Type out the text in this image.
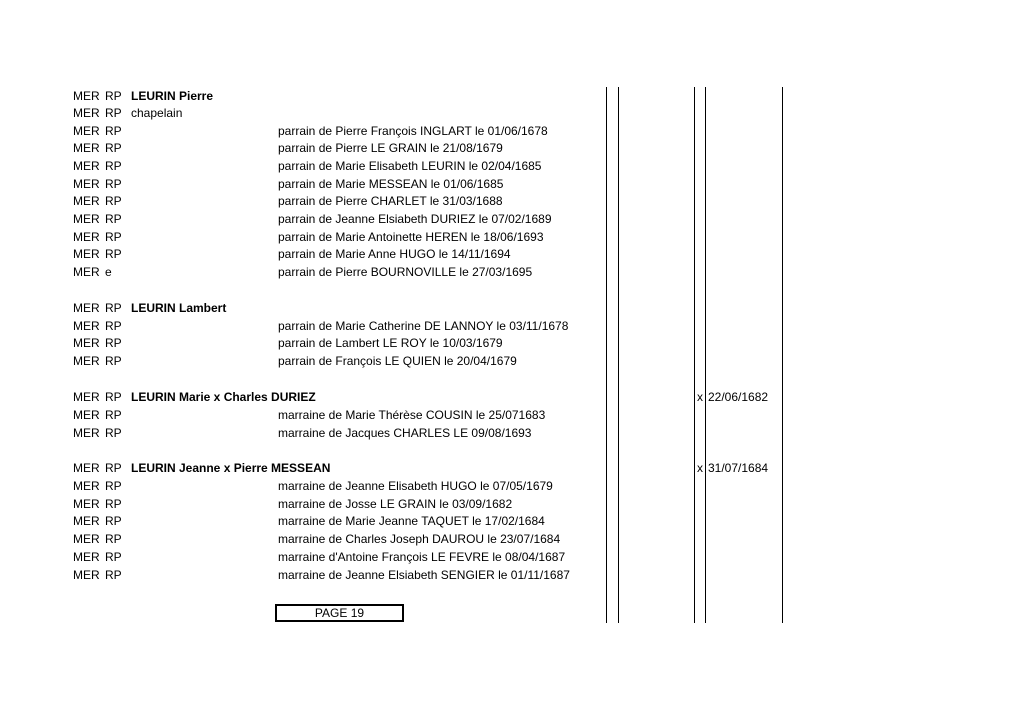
MER RP LEURIN Pierre
MER RP chapelain
MER RP	parrain de Pierre François INGLART le 01/06/1678
MER RP	parrain de Pierre LE GRAIN le 21/08/1679
MER RP	parrain de Marie Elisabeth LEURIN le 02/04/1685
MER RP	parrain de Marie MESSEAN le 01/06/1685
MER RP	parrain de Pierre CHARLET le 31/03/1688
MER RP	parrain de Jeanne Elsiabeth DURIEZ le 07/02/1689
MER RP	parrain de Marie Antoinette HEREN le 18/06/1693
MER RP	parrain de Marie Anne HUGO le 14/11/1694
MER e	parrain de Pierre BOURNOVILLE le 27/03/1695
MER RP LEURIN Lambert
MER RP	parrain de Marie Catherine DE LANNOY le 03/11/1678
MER RP	parrain de Lambert LE ROY le 10/03/1679
MER RP	parrain de François LE QUIEN le 20/04/1679
MER RP LEURIN Marie x Charles DURIEZ	x 22/06/1682
MER RP	marraine de Marie Thérèse COUSIN le 25/071683
MER RP	marraine de Jacques CHARLES LE 09/08/1693
MER RP LEURIN Jeanne x Pierre MESSEAN	x 31/07/1684
MER RP	marraine de Jeanne Elisabeth HUGO le 07/05/1679
MER RP	marraine de Josse LE GRAIN le 03/09/1682
MER RP	marraine de Marie Jeanne TAQUET le 17/02/1684
MER RP	marraine de Charles Joseph DAUROU le 23/07/1684
MER RP	marraine d'Antoine François LE FEVRE le 08/04/1687
MER RP	marraine de Jeanne Elsiabeth SENGIER le 01/11/1687
PAGE 19
